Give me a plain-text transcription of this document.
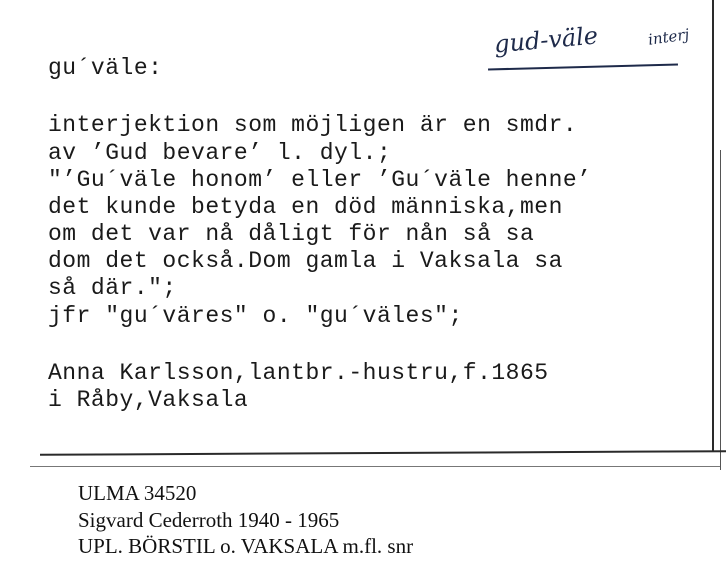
gu´väle:
gud-väle	interj
interjektion som möjligen är en smdr.
av ’Gud bevare’ l. dyl.;
"’Gu´väle honom’ eller ’Gu´väle henne’
det kunde betyda en död människa,men
om det var nå dåligt för nån så sa
dom det också.Dom gamla i Vaksala sa
så där.";
jfr "gu´väres" o. "gu´väles";
Anna Karlsson,lantbr.-hustru,f.1865
i Råby,Vaksala
ULMA 34520
Sigvard Cederroth 1940 - 1965
UPL. BÖRSTIL o. VAKSALA m.fl. snr
